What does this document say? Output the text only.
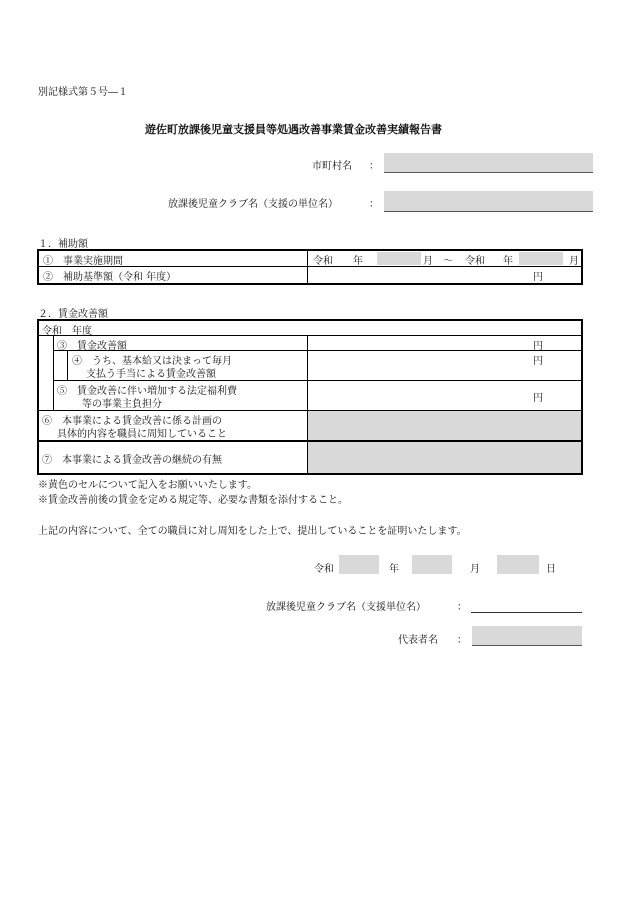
別記様式第５号―１
遊佐町放課後児童支援員等処遇改善事業賃金改善実績報告書
市町村名 ：
放課後児童クラブ名（支援の単位名）	：
１．補助額
①　事業実施期間	令和 年	月 ～ 令和 年	月
②　補助基準額（令和 年度）	円
２．賃金改善額
令和　年度
③　賃金改善額	円
④　うち、基本給又は決まって毎月
支払う手当による賃金改善額
円
⑤　賃金改善に伴い増加する法定福利費
等の事業主負担分
円
⑥　本事業による賃金改善に係る計画の
具体的内容を職員に周知していること
⑦　本事業による賃金改善の継続の有無
※黄色のセルについて記入をお願いいたします。
※賃金改善前後の賃金を定める規定等、必要な書類を添付すること。
上記の内容について、全ての職員に対し周知をした上で、提出していることを証明いたします。
令和	年	月	日
放課後児童クラブ名（支援単位名）	：
代表者名 ：
